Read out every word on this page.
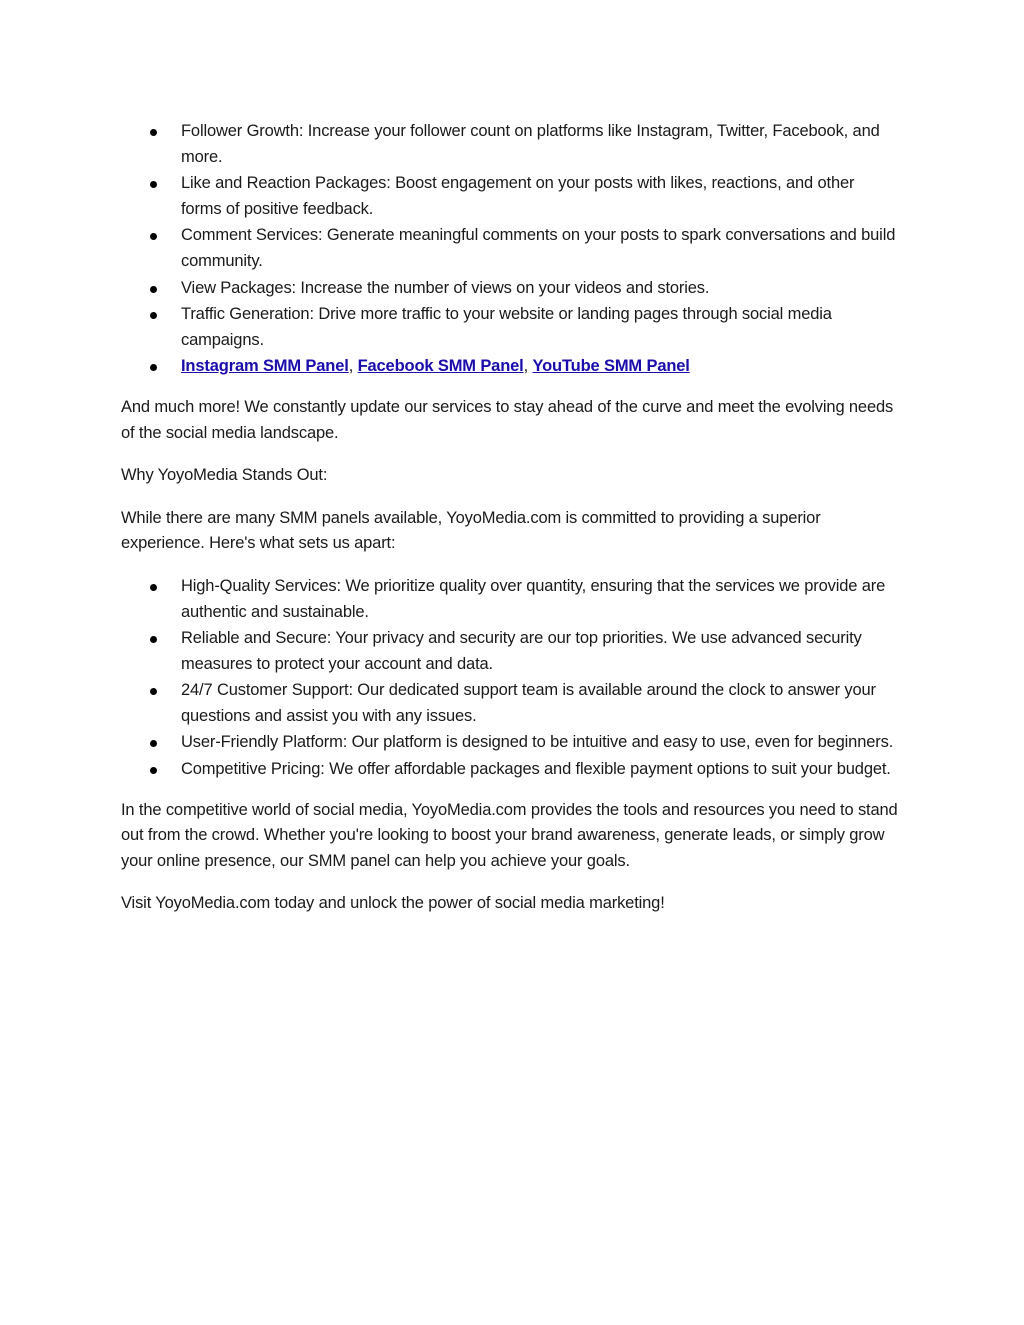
Follower Growth: Increase your follower count on platforms like Instagram, Twitter, Facebook, and more.
Like and Reaction Packages: Boost engagement on your posts with likes, reactions, and other forms of positive feedback.
Comment Services: Generate meaningful comments on your posts to spark conversations and build community.
View Packages: Increase the number of views on your videos and stories.
Traffic Generation: Drive more traffic to your website or landing pages through social media campaigns.
Instagram SMM Panel, Facebook SMM Panel, YouTube SMM Panel

And much more! We constantly update our services to stay ahead of the curve and meet the evolving needs of the social media landscape.

Why YoyoMedia Stands Out:

While there are many SMM panels available, YoyoMedia.com is committed to providing a superior experience. Here's what sets us apart:

High-Quality Services: We prioritize quality over quantity, ensuring that the services we provide are authentic and sustainable.
Reliable and Secure: Your privacy and security are our top priorities. We use advanced security measures to protect your account and data.
24/7 Customer Support: Our dedicated support team is available around the clock to answer your questions and assist you with any issues.
User-Friendly Platform: Our platform is designed to be intuitive and easy to use, even for beginners.
Competitive Pricing: We offer affordable packages and flexible payment options to suit your budget.

In the competitive world of social media, YoyoMedia.com provides the tools and resources you need to stand out from the crowd. Whether you're looking to boost your brand awareness, generate leads, or simply grow your online presence, our SMM panel can help you achieve your goals.

Visit YoyoMedia.com today and unlock the power of social media marketing!
